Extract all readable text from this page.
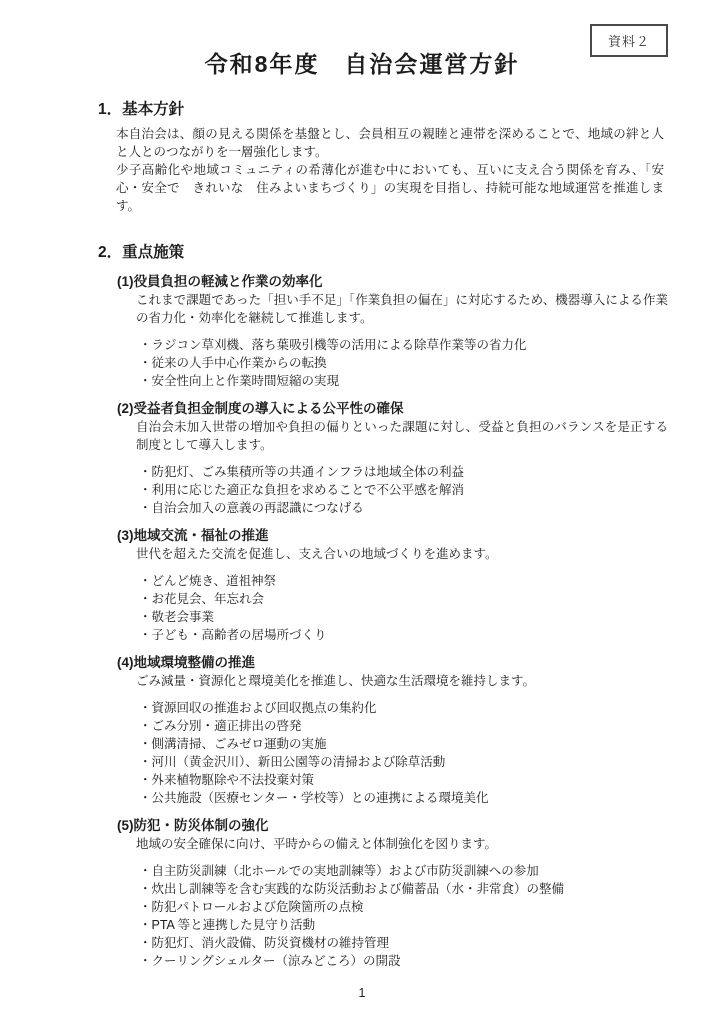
資料２
令和8年度　自治会運営方針
1．基本方針

本自治会は、顔の見える関係を基盤とし、会員相互の親睦と連帯を深めることで、地域の絆と人と人とのつながりを一層強化します。

少子高齢化や地域コミュニティの希薄化が進む中においても、互いに支え合う関係を育み、「安心・安全で　きれいな　住みよいまちづくり」の実現を目指し、持続可能な地域運営を推進します。

2．重点施策
(1)役員負担の軽減と作業の効率化

これまで課題であった「担い手不足」「作業負担の偏在」に対応するため、機器導入による作業の省力化・効率化を継続して推進します。

・ラジコン草刈機、落ち葉吸引機等の活用による除草作業等の省力化
・従来の人手中心作業からの転換
・安全性向上と作業時間短縮の実現
(2)受益者負担金制度の導入による公平性の確保

自治会未加入世帯の増加や負担の偏りといった課題に対し、受益と負担のバランスを是正する制度として導入します。

・防犯灯、ごみ集積所等の共通インフラは地域全体の利益
・利用に応じた適正な負担を求めることで不公平感を解消
・自治会加入の意義の再認識につなげる
(3)地域交流・福祉の推進

世代を超えた交流を促進し、支え合いの地域づくりを進めます。

・どんど焼き、道祖神祭
・お花見会、年忘れ会
・敬老会事業
・子ども・高齢者の居場所づくり
(4)地域環境整備の推進

ごみ減量・資源化と環境美化を推進し、快適な生活環境を維持します。

・資源回収の推進および回収拠点の集約化
・ごみ分別・適正排出の啓発
・側溝清掃、ごみゼロ運動の実施
・河川（黄金沢川）、新田公園等の清掃および除草活動
・外来植物駆除や不法投棄対策
・公共施設（医療センター・学校等）との連携による環境美化
(5)防犯・防災体制の強化

地域の安全確保に向け、平時からの備えと体制強化を図ります。

・自主防災訓練（北ホールでの実地訓練等）および市防災訓練への参加
・炊出し訓練等を含む実践的な防災活動および備蓄品（水・非常食）の整備
・防犯パトロールおよび危険箇所の点検
・PTA 等と連携した見守り活動
・防犯灯、消火設備、防災資機材の維持管理
・クーリングシェルター（涼みどころ）の開設
1
